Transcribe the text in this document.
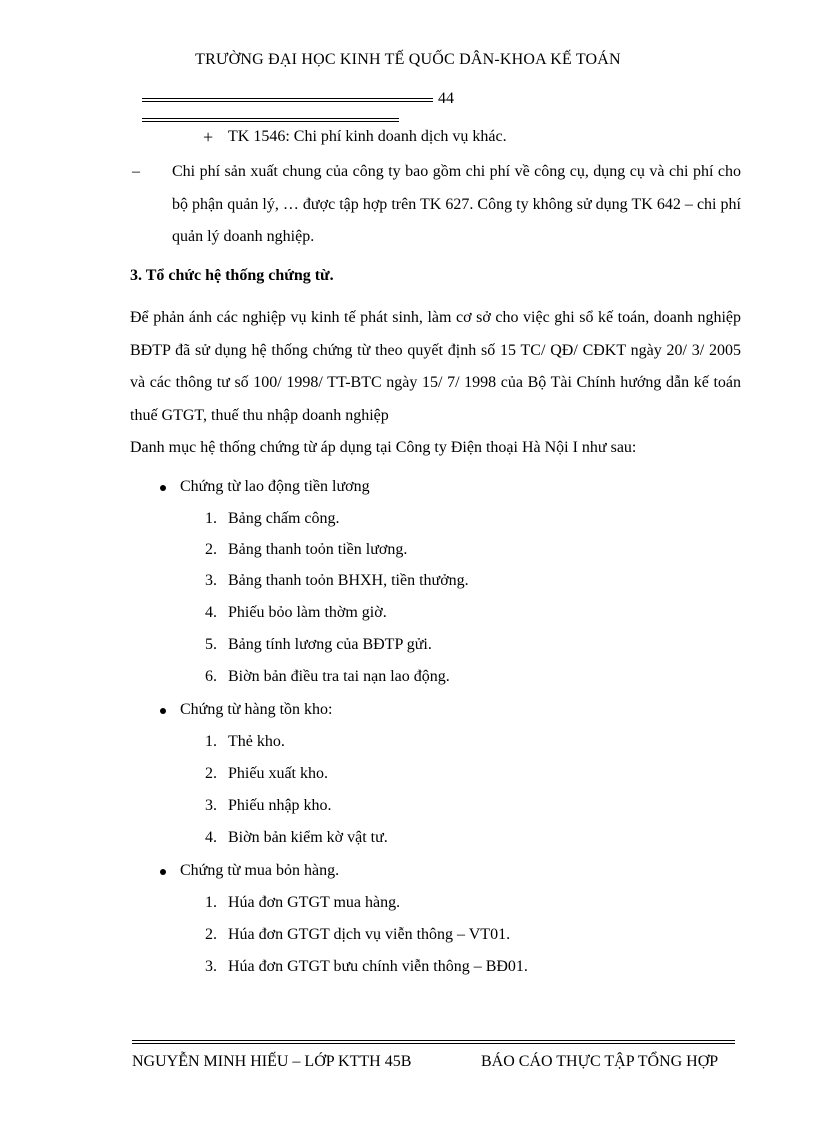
TRƯỜNG ĐẠI HỌC KINH TẾ QUỐC DÂN-KHOA KẾ TOÁN
44
+ TK 1546: Chi phí kinh doanh dịch vụ khác.
– Chi phí sản xuất chung của công ty bao gồm chi phí về công cụ, dụng cụ và chi phí cho bộ phận quản lý, … được tập hợp trên TK 627. Công ty không sử dụng TK 642 – chi phí quản lý doanh nghiệp.
3. Tổ chức hệ thống chứng từ.
Để phản ánh các nghiệp vụ kinh tế phát sinh, làm cơ sở cho việc ghi sổ kế toán, doanh nghiệp BĐTP đã sử dụng hệ thống chứng từ theo quyết định số 15 TC/ QĐ/ CĐKT ngày 20/ 3/ 2005 và các thông tư số 100/ 1998/ TT-BTC ngày 15/ 7/ 1998 của Bộ Tài Chính hướng dẫn kế toán thuế GTGT, thuế thu nhập doanh nghiệp
Danh mục hệ thống chứng từ áp dụng tại Công ty Điện thoại Hà Nội I như sau:
Chứng từ lao động tiền lương
1. Bảng chấm công.
2. Bảng thanh toỏn tiền lương.
3. Bảng thanh toỏn BHXH, tiền thưởng.
4. Phiếu bỏo làm thờm giờ.
5. Bảng tính lương của BĐTP gửi.
6. Biờn bản điều tra tai nạn lao động.
Chứng từ hàng tồn kho:
1. Thẻ kho.
2. Phiếu xuất kho.
3. Phiếu nhập kho.
4. Biờn bản kiểm kờ vật tư.
Chứng từ mua bỏn hàng.
1. Húa đơn GTGT mua hàng.
2. Húa đơn GTGT dịch vụ viễn thông – VT01.
3. Húa đơn GTGT bưu chính viễn thông – BĐ01.
NGUYỄN MINH HIẾU – LỚP KTTH 45B	BÁO CÁO THỰC TẬP TỔNG HỢP
